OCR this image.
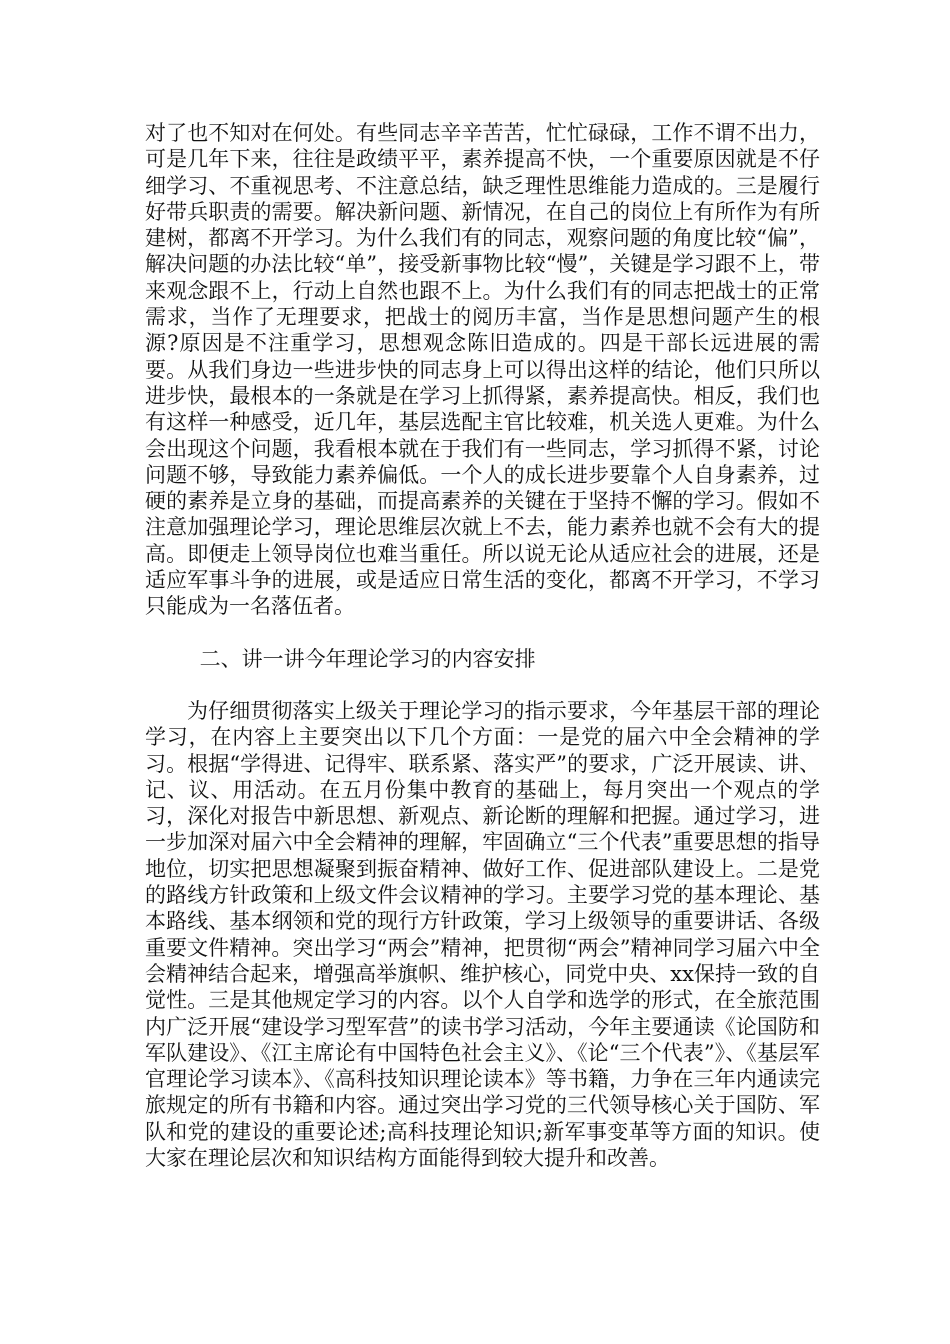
对了也不知对在何处。有些同志辛辛苦苦，忙忙碌碌，工作不谓不出力，可是几年下来，往往是政绩平平，素养提高不快，一个重要原因就是不仔细学习、不重视思考、不注意总结，缺乏理性思维能力造成的。三是履行好带兵职责的需要。解决新问题、新情况，在自己的岗位上有所作为有所建树，都离不开学习。为什么我们有的同志，观察问题的角度比较“偏”，解决问题的办法比较“单”，接受新事物比较“慢”，关键是学习跟不上，带来观念跟不上，行动上自然也跟不上。为什么我们有的同志把战士的正常需求，当作了无理要求，把战士的阅历丰富，当作是思想问题产生的根源?原因是不注重学习，思想观念陈旧造成的。四是干部长远进展的需要。从我们身边一些进步快的同志身上可以得出这样的结论，他们只所以进步快，最根本的一条就是在学习上抓得紧，素养提高快。相反，我们也有这样一种感受，近几年，基层选配主官比较难，机关选人更难。为什么会出现这个问题，我看根本就在于我们有一些同志，学习抓得不紧，讨论问题不够，导致能力素养偏低。一个人的成长进步要靠个人自身素养，过硬的素养是立身的基础，而提高素养的关键在于坚持不懈的学习。假如不注意加强理论学习，理论思维层次就上不去，能力素养也就不会有大的提高。即便走上领导岗位也难当重任。所以说无论从适应社会的进展，还是适应军事斗争的进展，或是适应日常生活的变化，都离不开学习，不学习只能成为一名落伍者。

二、讲一讲今年理论学习的内容安排

为仔细贯彻落实上级关于理论学习的指示要求，今年基层干部的理论学习，在内容上主要突出以下几个方面：一是党的届六中全会精神的学习。根据“学得进、记得牢、联系紧、落实严”的要求，广泛开展读、讲、记、议、用活动。在五月份集中教育的基础上，每月突出一个观点的学习，深化对报告中新思想、新观点、新论断的理解和把握。通过学习，进一步加深对届六中全会精神的理解，牢固确立“三个代表”重要思想的指导地位，切实把思想凝聚到振奋精神、做好工作、促进部队建设上。二是党的路线方针政策和上级文件会议精神的学习。主要学习党的基本理论、基本路线、基本纲领和党的现行方针政策，学习上级领导的重要讲话、各级重要文件精神。突出学习“两会”精神，把贯彻“两会”精神同学习届六中全会精神结合起来，增强高举旗帜、维护核心，同党中央、xx保持一致的自觉性。三是其他规定学习的内容。以个人自学和选学的形式，在全旅范围内广泛开展“建设学习型军营”的读书学习活动，今年主要通读《论国防和军队建设》、《江主席论有中国特色社会主义》、《论“三个代表”》、《基层军官理论学习读本》、《高科技知识理论读本》等书籍，力争在三年内通读完旅规定的所有书籍和内容。通过突出学习党的三代领导核心关于国防、军队和党的建设的重要论述;高科技理论知识;新军事变革等方面的知识。使大家在理论层次和知识结构方面能得到较大提升和改善。
